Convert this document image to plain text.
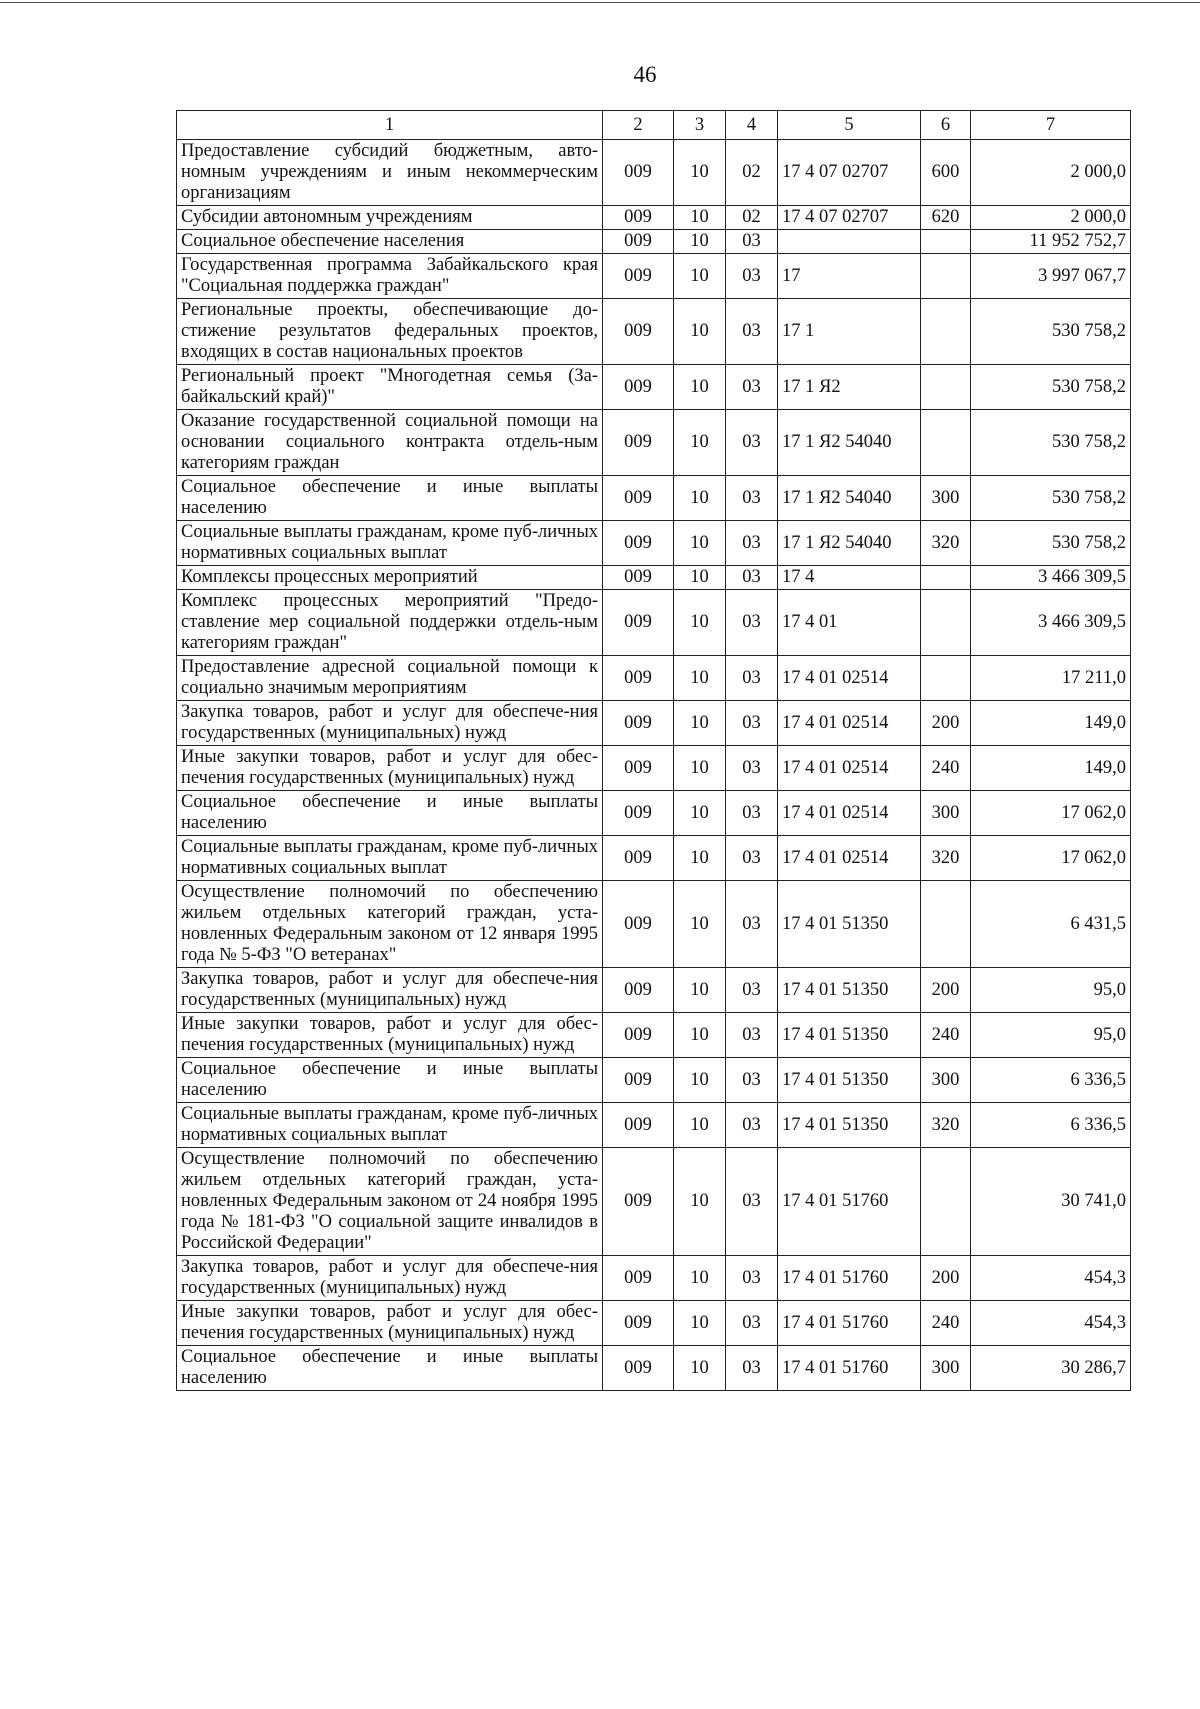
46
1	2	3	4	5	6	7
Предоставление субсидий бюджетным, авто-номным учреждениям и иным некоммерческим организациям	009	10	02	17 4 07 02707	600	2 000,0
Субсидии автономным учреждениям	009	10	02	17 4 07 02707	620	2 000,0
Социальное обеспечение населения	009	10	03			11 952 752,7
Государственная программа Забайкальского края "Социальная поддержка граждан"	009	10	03	17		3 997 067,7
Региональные проекты, обеспечивающие до-стижение результатов федеральных проектов, входящих в состав национальных проектов	009	10	03	17 1		530 758,2
Региональный проект "Многодетная семья (За-байкальский край)"	009	10	03	17 1 Я2		530 758,2
Оказание государственной социальной помощи на основании социального контракта отдель-ным категориям граждан	009	10	03	17 1 Я2 54040		530 758,2
Социальное обеспечение и иные выплаты населению	009	10	03	17 1 Я2 54040	300	530 758,2
Социальные выплаты гражданам, кроме пуб-личных нормативных социальных выплат	009	10	03	17 1 Я2 54040	320	530 758,2
Комплексы процессных мероприятий	009	10	03	17 4		3 466 309,5
Комплекс процессных мероприятий "Предо-ставление мер социальной поддержки отдель-ным категориям граждан"	009	10	03	17 4 01		3 466 309,5
Предоставление адресной социальной помощи к социально значимым мероприятиям	009	10	03	17 4 01 02514		17 211,0
Закупка товаров, работ и услуг для обеспече-ния государственных (муниципальных) нужд	009	10	03	17 4 01 02514	200	149,0
Иные закупки товаров, работ и услуг для обес-печения государственных (муниципальных) нужд	009	10	03	17 4 01 02514	240	149,0
Социальное обеспечение и иные выплаты населению	009	10	03	17 4 01 02514	300	17 062,0
Социальные выплаты гражданам, кроме пуб-личных нормативных социальных выплат	009	10	03	17 4 01 02514	320	17 062,0
Осуществление полномочий по обеспечению жильем отдельных категорий граждан, уста-новленных Федеральным законом от 12 января 1995 года № 5-ФЗ "О ветеранах"	009	10	03	17 4 01 51350		6 431,5
Закупка товаров, работ и услуг для обеспече-ния государственных (муниципальных) нужд	009	10	03	17 4 01 51350	200	95,0
Иные закупки товаров, работ и услуг для обес-печения государственных (муниципальных) нужд	009	10	03	17 4 01 51350	240	95,0
Социальное обеспечение и иные выплаты населению	009	10	03	17 4 01 51350	300	6 336,5
Социальные выплаты гражданам, кроме пуб-личных нормативных социальных выплат	009	10	03	17 4 01 51350	320	6 336,5
Осуществление полномочий по обеспечению жильем отдельных категорий граждан, уста-новленных Федеральным законом от 24 ноября 1995 года № 181-ФЗ "О социальной защите инвалидов в Российской Федерации"	009	10	03	17 4 01 51760		30 741,0
Закупка товаров, работ и услуг для обеспече-ния государственных (муниципальных) нужд	009	10	03	17 4 01 51760	200	454,3
Иные закупки товаров, работ и услуг для обес-печения государственных (муниципальных) нужд	009	10	03	17 4 01 51760	240	454,3
Социальное обеспечение и иные выплаты населению	009	10	03	17 4 01 51760	300	30 286,7
